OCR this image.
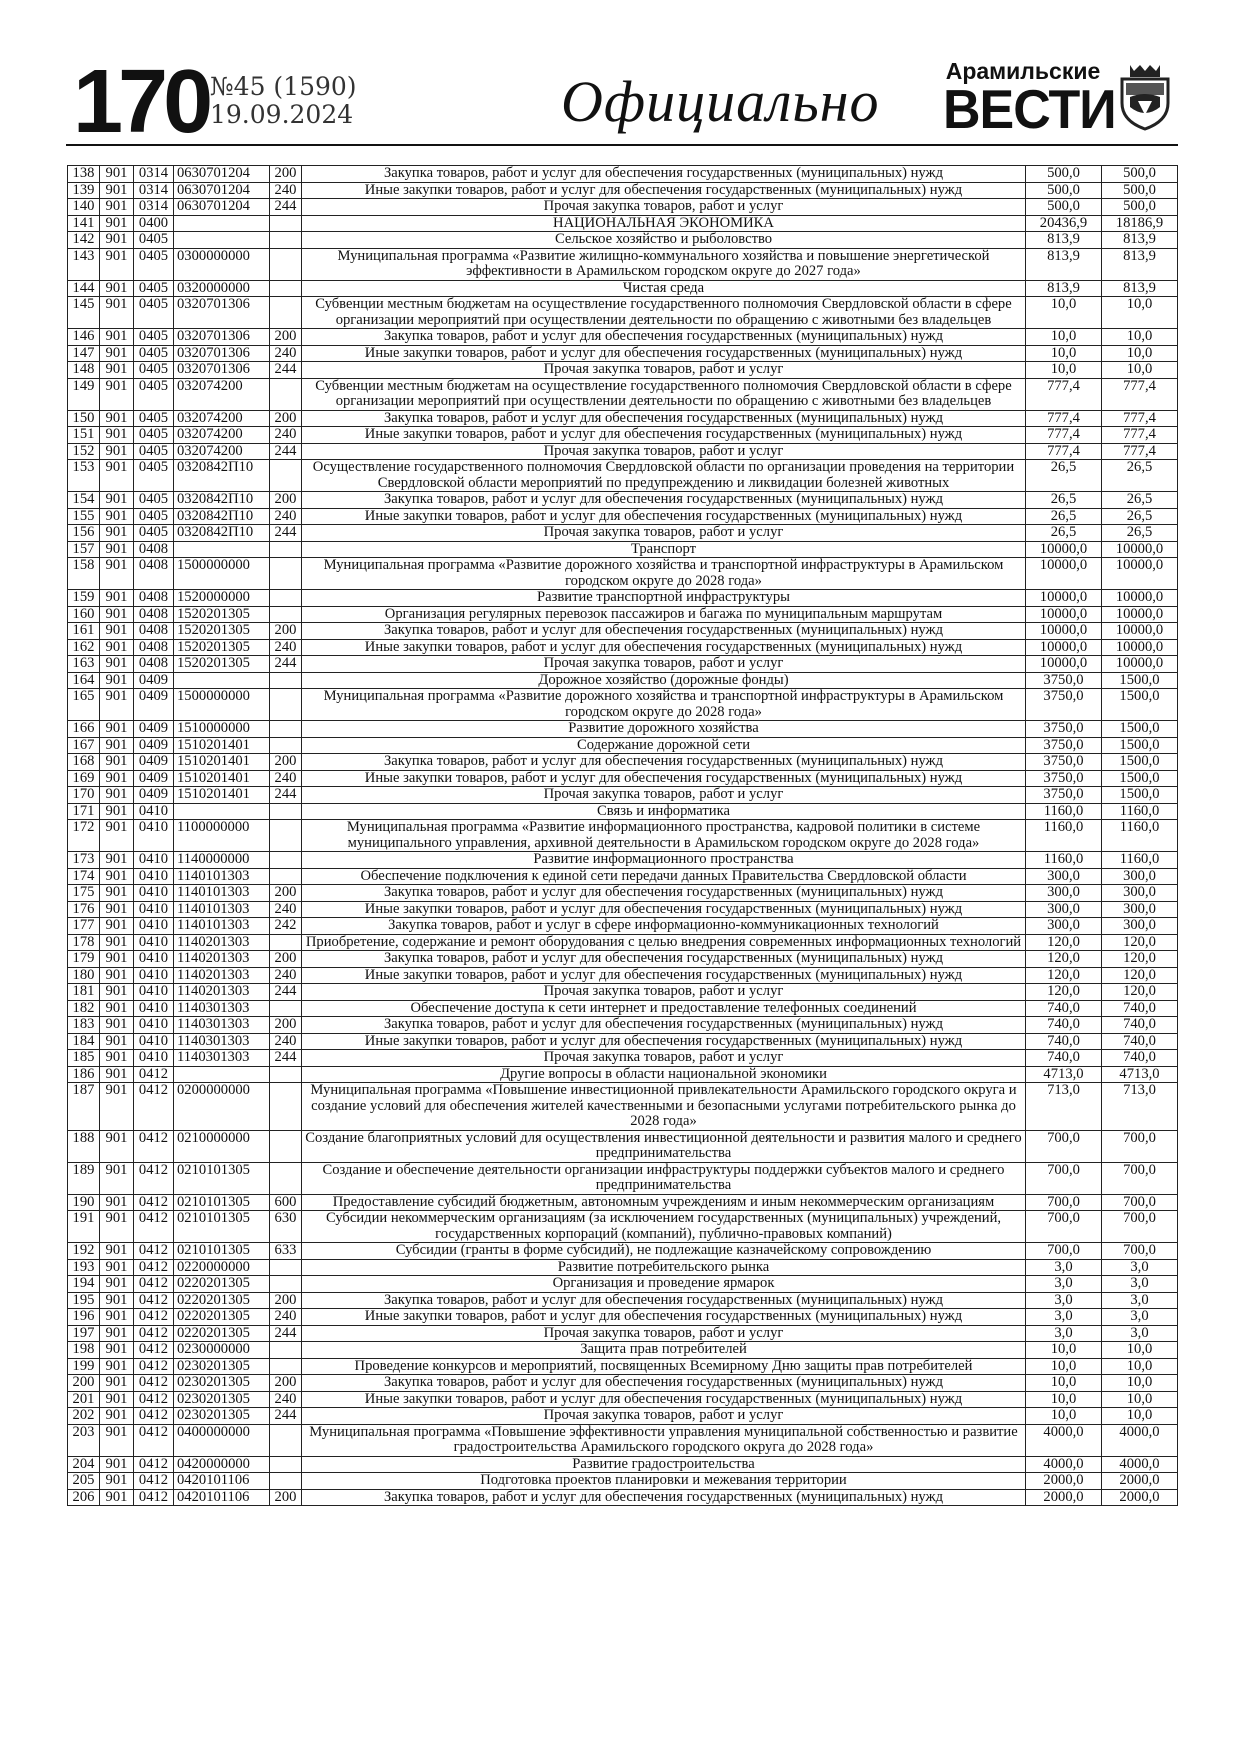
170 №45 (1590)
19.09.2024	Официально	Арамильские
ВЕСТИ
138	901	0314	0630701204	200	Закупка товаров, работ и услуг для обеспечения государственных (муниципальных) нужд	500,0	500,0
139	901	0314	0630701204	240	Иные закупки товаров, работ и услуг для обеспечения государственных (муниципальных) нужд	500,0	500,0
140	901	0314	0630701204	244	Прочая закупка товаров, работ и услуг	500,0	500,0
141	901	0400			НАЦИОНАЛЬНАЯ ЭКОНОМИКА	20436,9	18186,9
142	901	0405			Сельское хозяйство и рыболовство	813,9	813,9
143	901	0405	0300000000		Муниципальная программа «Развитие жилищно-коммунального хозяйства и повышение энергетической эффективности в Арамильском городском округе до 2027 года»	813,9	813,9
144	901	0405	0320000000		Чистая среда	813,9	813,9
145	901	0405	0320701306		Субвенции местным бюджетам на осуществление государственного полномочия Свердловской области в сфере организации мероприятий при осуществлении деятельности по обращению с животными без владельцев	10,0	10,0
146	901	0405	0320701306	200	Закупка товаров, работ и услуг для обеспечения государственных (муниципальных) нужд	10,0	10,0
147	901	0405	0320701306	240	Иные закупки товаров, работ и услуг для обеспечения государственных (муниципальных) нужд	10,0	10,0
148	901	0405	0320701306	244	Прочая закупка товаров, работ и услуг	10,0	10,0
149	901	0405	032074200		Субвенции местным бюджетам на осуществление государственного полномочия Свердловской области в сфере организации мероприятий при осуществлении деятельности по обращению с животными без владельцев	777,4	777,4
150	901	0405	032074200	200	Закупка товаров, работ и услуг для обеспечения государственных (муниципальных) нужд	777,4	777,4
151	901	0405	032074200	240	Иные закупки товаров, работ и услуг для обеспечения государственных (муниципальных) нужд	777,4	777,4
152	901	0405	032074200	244	Прочая закупка товаров, работ и услуг	777,4	777,4
153	901	0405	0320842П10		Осуществление государственного полномочия Свердловской области по организации проведения на территории Свердловской области мероприятий по предупреждению и ликвидации болезней животных	26,5	26,5
154	901	0405	0320842П10	200	Закупка товаров, работ и услуг для обеспечения государственных (муниципальных) нужд	26,5	26,5
155	901	0405	0320842П10	240	Иные закупки товаров, работ и услуг для обеспечения государственных (муниципальных) нужд	26,5	26,5
156	901	0405	0320842П10	244	Прочая закупка товаров, работ и услуг	26,5	26,5
157	901	0408			Транспорт	10000,0	10000,0
158	901	0408	1500000000		Муниципальная программа «Развитие дорожного хозяйства и транспортной инфраструктуры в Арамильском городском округе до 2028 года»	10000,0	10000,0
159	901	0408	1520000000		Развитие транспортной инфраструктуры	10000,0	10000,0
160	901	0408	1520201305		Организация регулярных перевозок пассажиров и багажа по муниципальным маршрутам	10000,0	10000,0
161	901	0408	1520201305	200	Закупка товаров, работ и услуг для обеспечения государственных (муниципальных) нужд	10000,0	10000,0
162	901	0408	1520201305	240	Иные закупки товаров, работ и услуг для обеспечения государственных (муниципальных) нужд	10000,0	10000,0
163	901	0408	1520201305	244	Прочая закупка товаров, работ и услуг	10000,0	10000,0
164	901	0409			Дорожное хозяйство (дорожные фонды)	3750,0	1500,0
165	901	0409	1500000000		Муниципальная программа «Развитие дорожного хозяйства и транспортной инфраструктуры в Арамильском городском округе до 2028 года»	3750,0	1500,0
166	901	0409	1510000000		Развитие дорожного хозяйства	3750,0	1500,0
167	901	0409	1510201401		Содержание дорожной сети	3750,0	1500,0
168	901	0409	1510201401	200	Закупка товаров, работ и услуг для обеспечения государственных (муниципальных) нужд	3750,0	1500,0
169	901	0409	1510201401	240	Иные закупки товаров, работ и услуг для обеспечения государственных (муниципальных) нужд	3750,0	1500,0
170	901	0409	1510201401	244	Прочая закупка товаров, работ и услуг	3750,0	1500,0
171	901	0410			Связь и информатика	1160,0	1160,0
172	901	0410	1100000000		Муниципальная программа «Развитие информационного пространства, кадровой политики в системе муниципального управления, архивной деятельности в Арамильском городском округе до 2028 года»	1160,0	1160,0
173	901	0410	1140000000		Развитие информационного пространства	1160,0	1160,0
174	901	0410	1140101303		Обеспечение подключения к единой сети передачи данных Правительства Свердловской области	300,0	300,0
175	901	0410	1140101303	200	Закупка товаров, работ и услуг для обеспечения государственных (муниципальных) нужд	300,0	300,0
176	901	0410	1140101303	240	Иные закупки товаров, работ и услуг для обеспечения государственных (муниципальных) нужд	300,0	300,0
177	901	0410	1140101303	242	Закупка товаров, работ и услуг в сфере информационно-коммуникационных технологий	300,0	300,0
178	901	0410	1140201303		Приобретение, содержание и ремонт оборудования с целью внедрения современных информационных технологий	120,0	120,0
179	901	0410	1140201303	200	Закупка товаров, работ и услуг для обеспечения государственных (муниципальных) нужд	120,0	120,0
180	901	0410	1140201303	240	Иные закупки товаров, работ и услуг для обеспечения государственных (муниципальных) нужд	120,0	120,0
181	901	0410	1140201303	244	Прочая закупка товаров, работ и услуг	120,0	120,0
182	901	0410	1140301303		Обеспечение доступа к сети интернет и предоставление телефонных соединений	740,0	740,0
183	901	0410	1140301303	200	Закупка товаров, работ и услуг для обеспечения государственных (муниципальных) нужд	740,0	740,0
184	901	0410	1140301303	240	Иные закупки товаров, работ и услуг для обеспечения государственных (муниципальных) нужд	740,0	740,0
185	901	0410	1140301303	244	Прочая закупка товаров, работ и услуг	740,0	740,0
186	901	0412			Другие вопросы в области национальной экономики	4713,0	4713,0
187	901	0412	0200000000		Муниципальная программа «Повышение инвестиционной привлекательности Арамильского городского округа и создание условий для обеспечения жителей качественными и безопасными услугами потребительского рынка до 2028 года»	713,0	713,0
188	901	0412	0210000000		Создание благоприятных условий для осуществления инвестиционной деятельности и развития малого и среднего предпринимательства	700,0	700,0
189	901	0412	0210101305		Создание и обеспечение деятельности организации инфраструктуры поддержки субъектов малого и среднего предпринимательства	700,0	700,0
190	901	0412	0210101305	600	Предоставление субсидий бюджетным, автономным учреждениям и иным некоммерческим организациям	700,0	700,0
191	901	0412	0210101305	630	Субсидии некоммерческим организациям (за исключением государственных (муниципальных) учреждений, государственных корпораций (компаний), публично-правовых компаний)	700,0	700,0
192	901	0412	0210101305	633	Субсидии (гранты в форме субсидий), не подлежащие казначейскому сопровождению	700,0	700,0
193	901	0412	0220000000		Развитие потребительского рынка	3,0	3,0
194	901	0412	0220201305		Организация и проведение ярмарок	3,0	3,0
195	901	0412	0220201305	200	Закупка товаров, работ и услуг для обеспечения государственных (муниципальных) нужд	3,0	3,0
196	901	0412	0220201305	240	Иные закупки товаров, работ и услуг для обеспечения государственных (муниципальных) нужд	3,0	3,0
197	901	0412	0220201305	244	Прочая закупка товаров, работ и услуг	3,0	3,0
198	901	0412	0230000000		Защита прав потребителей	10,0	10,0
199	901	0412	0230201305		Проведение конкурсов и мероприятий, посвященных Всемирному Дню защиты прав потребителей	10,0	10,0
200	901	0412	0230201305	200	Закупка товаров, работ и услуг для обеспечения государственных (муниципальных) нужд	10,0	10,0
201	901	0412	0230201305	240	Иные закупки товаров, работ и услуг для обеспечения государственных (муниципальных) нужд	10,0	10,0
202	901	0412	0230201305	244	Прочая закупка товаров, работ и услуг	10,0	10,0
203	901	0412	0400000000		Муниципальная программа «Повышение эффективности управления муниципальной собственностью и развитие градостроительства Арамильского городского округа до 2028 года»	4000,0	4000,0
204	901	0412	0420000000		Развитие градостроительства	4000,0	4000,0
205	901	0412	0420101106		Подготовка проектов планировки и межевания территории	2000,0	2000,0
206	901	0412	0420101106	200	Закупка товаров, работ и услуг для обеспечения государственных (муниципальных) нужд	2000,0	2000,0
